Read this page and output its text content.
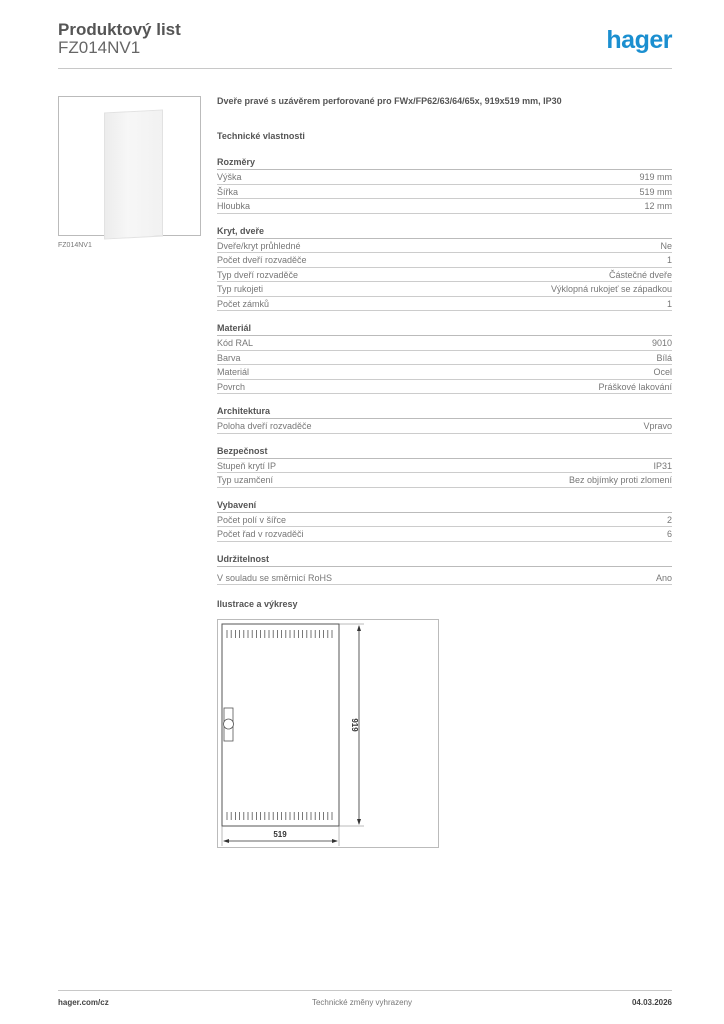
Produktový list
FZ014NV1	hager
FZ014NV1
Dveře pravé s uzávěrem perforované pro FWx/FP62/63/64/65x, 919x519 mm, IP30
Technické vlastnosti
Rozměry
Výška	919 mm
Šířka	519 mm
Hloubka	12 mm
Kryt, dveře
Dveře/kryt průhledné	Ne
Počet dveří rozvaděče	1
Typ dveří rozvaděče	Částečné dveře
Typ rukojeti	Výklopná rukojeť se západkou
Počet zámků	1
Materiál
Kód RAL	9010
Barva	Bílá
Materiál	Ocel
Povrch	Práškové lakování
Architektura
Poloha dveří rozvaděče	Vpravo
Bezpečnost
Stupeň krytí IP	IP31
Typ uzamčení	Bez objímky proti zlomení
Vybavení
Počet polí v šířce	2
Počet řad v rozvaděči	6
Udržitelnost
V souladu se směrnicí RoHS	Ano
Ilustrace a výkresy
519
919
hager.com/cz	Technické změny vyhrazeny	04.03.2026
